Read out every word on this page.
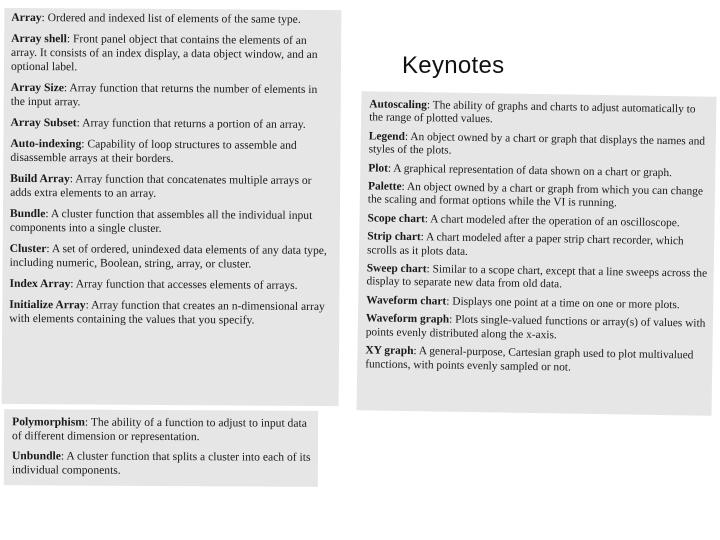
Array: Ordered and indexed list of elements of the same type.

Array shell: Front panel object that contains the elements of an array. It consists of an index display, a data object window, and an optional label.

Array Size: Array function that returns the number of elements in the input array.

Array Subset: Array function that returns a portion of an array.

Auto-indexing: Capability of loop structures to assemble and disassemble arrays at their borders.

Build Array: Array function that concatenates multiple arrays or adds extra elements to an array.

Bundle: A cluster function that assembles all the individual input components into a single cluster.

Cluster: A set of ordered, unindexed data elements of any data type, including numeric, Boolean, string, array, or cluster.

Index Array: Array function that accesses elements of arrays.

Initialize Array: Array function that creates an n-dimensional array with elements containing the values that you specify.

Polymorphism: The ability of a function to adjust to input data of different dimension or representation.

Unbundle: A cluster function that splits a cluster into each of its individual components.

Keynotes

Autoscaling: The ability of graphs and charts to adjust automatically to the range of plotted values.

Legend: An object owned by a chart or graph that displays the names and styles of the plots.

Plot: A graphical representation of data shown on a chart or graph.

Palette: An object owned by a chart or graph from which you can change the scaling and format options while the VI is running.

Scope chart: A chart modeled after the operation of an oscilloscope.

Strip chart: A chart modeled after a paper strip chart recorder, which scrolls as it plots data.

Sweep chart: Similar to a scope chart, except that a line sweeps across the display to separate new data from old data.

Waveform chart: Displays one point at a time on one or more plots.

Waveform graph: Plots single-valued functions or array(s) of values with points evenly distributed along the x-axis.

XY graph: A general-purpose, Cartesian graph used to plot multivalued functions, with points evenly sampled or not.
